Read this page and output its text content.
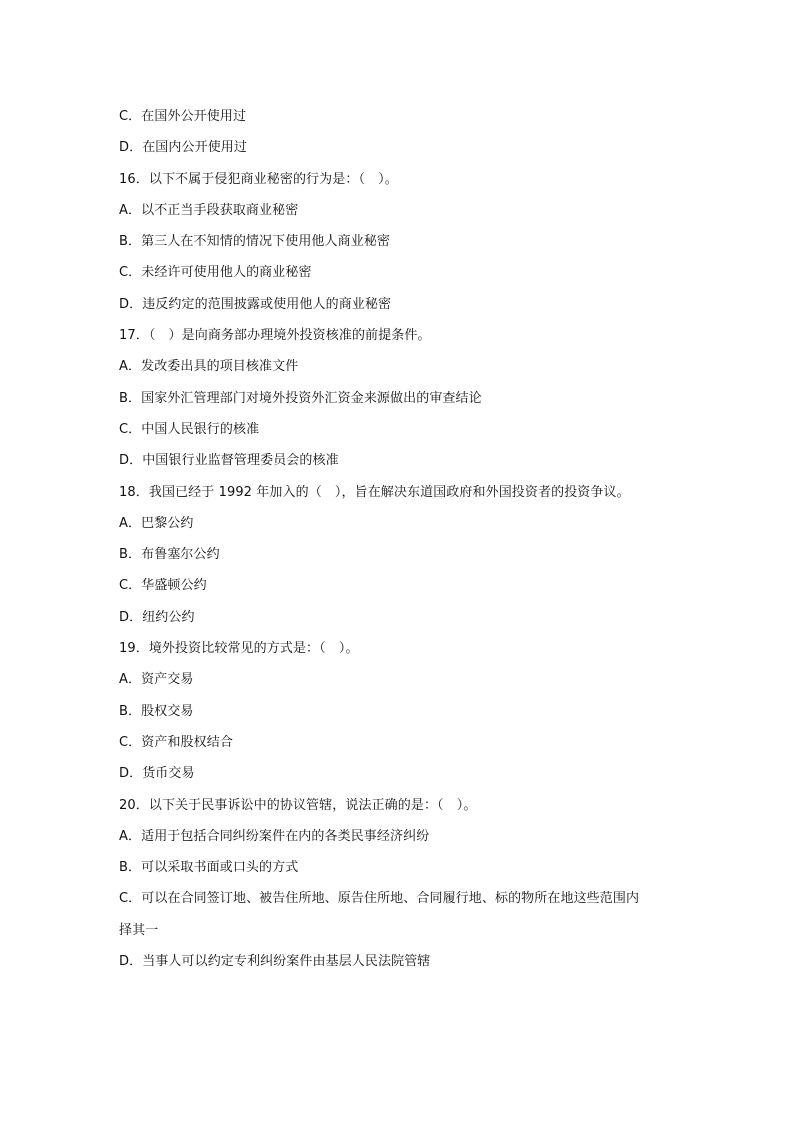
C．在国外公开使用过
D．在国内公开使用过
16．以下不属于侵犯商业秘密的行为是：（　）。
A．以不正当手段获取商业秘密
B．第三人在不知情的情况下使用他人商业秘密
C．未经许可使用他人的商业秘密
D．违反约定的范围披露或使用他人的商业秘密
17．（　）是向商务部办理境外投资核准的前提条件。
A．发改委出具的项目核准文件
B．国家外汇管理部门对境外投资外汇资金来源做出的审查结论
C．中国人民银行的核准
D．中国银行业监督管理委员会的核准
18．我国已经于 1992 年加入的（　），旨在解决东道国政府和外国投资者的投资争议。
A．巴黎公约
B．布鲁塞尔公约
C．华盛顿公约
D．纽约公约
19．境外投资比较常见的方式是：（　）。
A．资产交易
B．股权交易
C．资产和股权结合
D．货币交易
20．以下关于民事诉讼中的协议管辖，说法正确的是：（　）。
A．适用于包括合同纠纷案件在内的各类民事经济纠纷
B．可以采取书面或口头的方式
C．可以在合同签订地、被告住所地、原告住所地、合同履行地、标的物所在地这些范围内
择其一
D．当事人可以约定专利纠纷案件由基层人民法院管辖
